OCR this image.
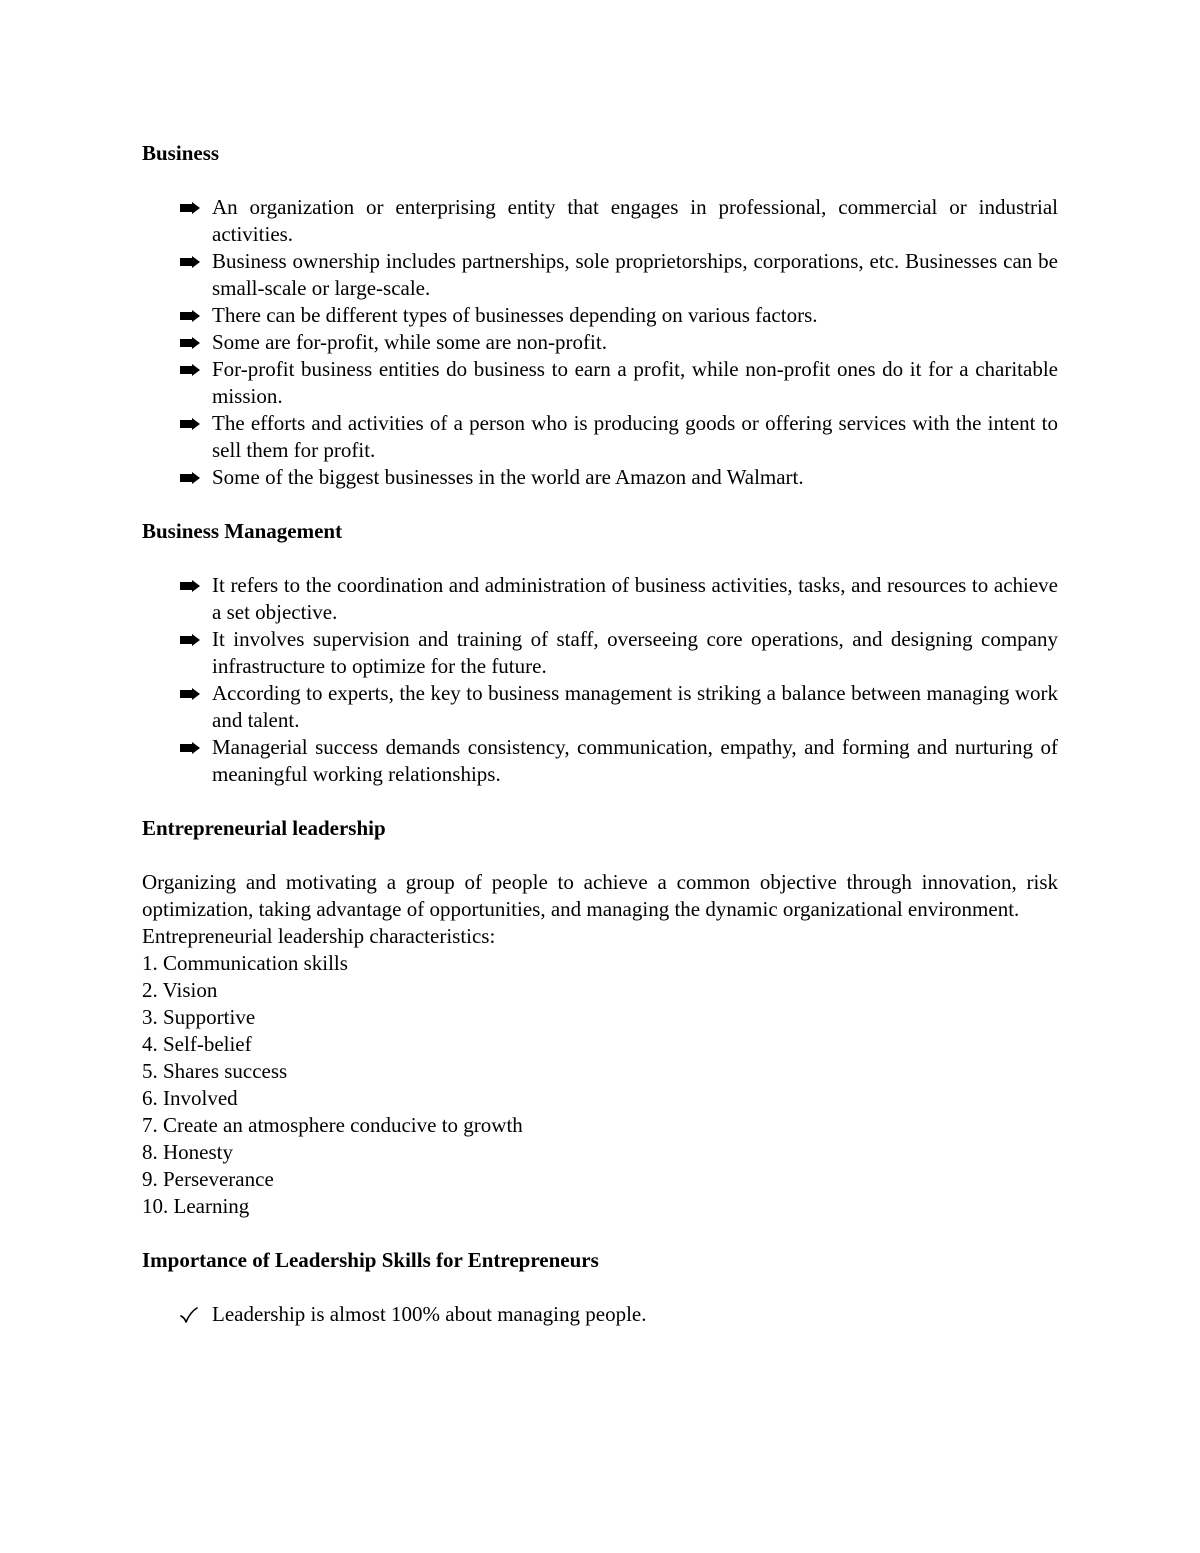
Business

An organization or enterprising entity that engages in professional, commercial or industrial activities.
Business ownership includes partnerships, sole proprietorships, corporations, etc. Businesses can be small-scale or large-scale.
There can be different types of businesses depending on various factors.
Some are for-profit, while some are non-profit.
For-profit business entities do business to earn a profit, while non-profit ones do it for a charitable mission.
The efforts and activities of a person who is producing goods or offering services with the intent to sell them for profit.
Some of the biggest businesses in the world are Amazon and Walmart.

Business Management

It refers to the coordination and administration of business activities, tasks, and resources to achieve a set objective.
It involves supervision and training of staff, overseeing core operations, and designing company infrastructure to optimize for the future.
According to experts, the key to business management is striking a balance between managing work and talent.
Managerial success demands consistency, communication, empathy, and forming and nurturing of meaningful working relationships.

Entrepreneurial leadership

Organizing and motivating a group of people to achieve a common objective through innovation, risk optimization, taking advantage of opportunities, and managing the dynamic organizational environment.

Entrepreneurial leadership characteristics:

1. Communication skills

2. Vision

3. Supportive

4. Self-belief

5. Shares success

6. Involved

7. Create an atmosphere conducive to growth

8. Honesty

9. Perseverance

10. Learning

Importance of Leadership Skills for Entrepreneurs

Leadership is almost 100% about managing people.
